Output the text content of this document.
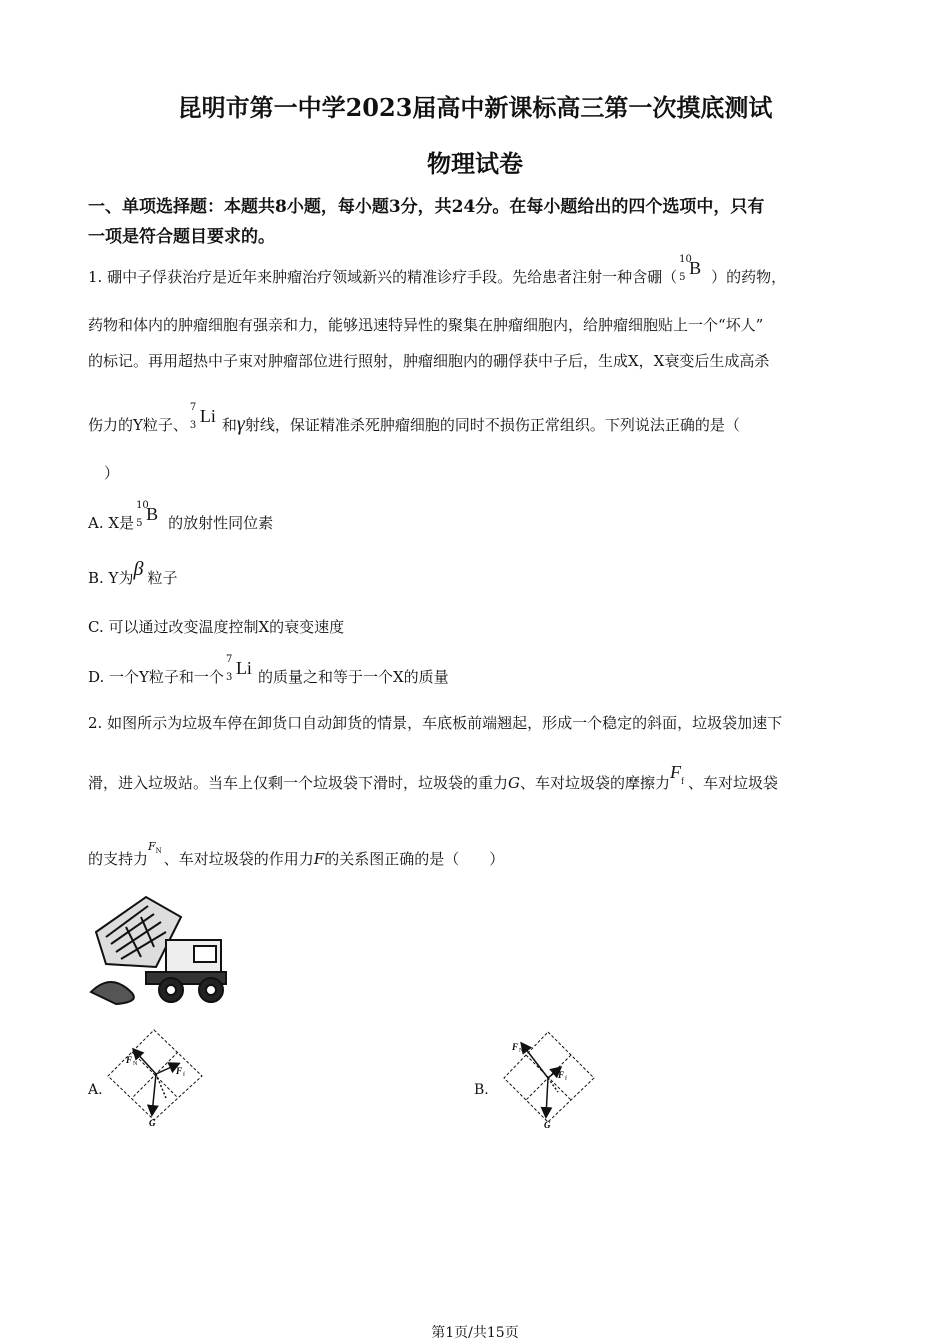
昆明市第一中学2023届高中新课标高三第一次摸底测试
物理试卷
一、单项选择题：本题共8小题，每小题3分，共24分。在每小题给出的四个选项中，只有
一项是符合题目要求的。
1. 硼中子俘获治疗是近年来肿瘤治疗领域新兴的精准诊疗手段。先给患者注射一种含硼（
10
5 B ）的药物，
药物和体内的肿瘤细胞有强亲和力，能够迅速特异性的聚集在肿瘤细胞内，给肿瘤细胞贴上一个“坏人”
的标记。再用超热中子束对肿瘤部位进行照射，肿瘤细胞内的硼俘获中子后，生成X，X衰变后生成高杀
伤力的Y粒子、
7
3 Li 和γ射线，保证精准杀死肿瘤细胞的同时不损伤正常组织。下列说法正确的是（
）
A. X是
10
5 B 的放射性同位素
B. Y为β 粒子
C. 可以通过改变温度控制X的衰变速度
D. 一个Y粒子和一个
7
3 Li 的质量之和等于一个X的质量
2. 如图所示为垃圾车停在卸货口自动卸货的情景，车底板前端翘起，形成一个稳定的斜面，垃圾袋加速下
滑，进入垃圾站。当车上仅剩一个垃圾袋下滑时，垃圾袋的重力G、车对垃圾袋的摩擦力$F_f$ 、车对垃圾袋
的支持力$^{F_N}$ 、车对垃圾袋的作用力F的关系图正确的是（　　）
A.
F N
F f
G
B.
F N
F f
G
第1页/共15页
